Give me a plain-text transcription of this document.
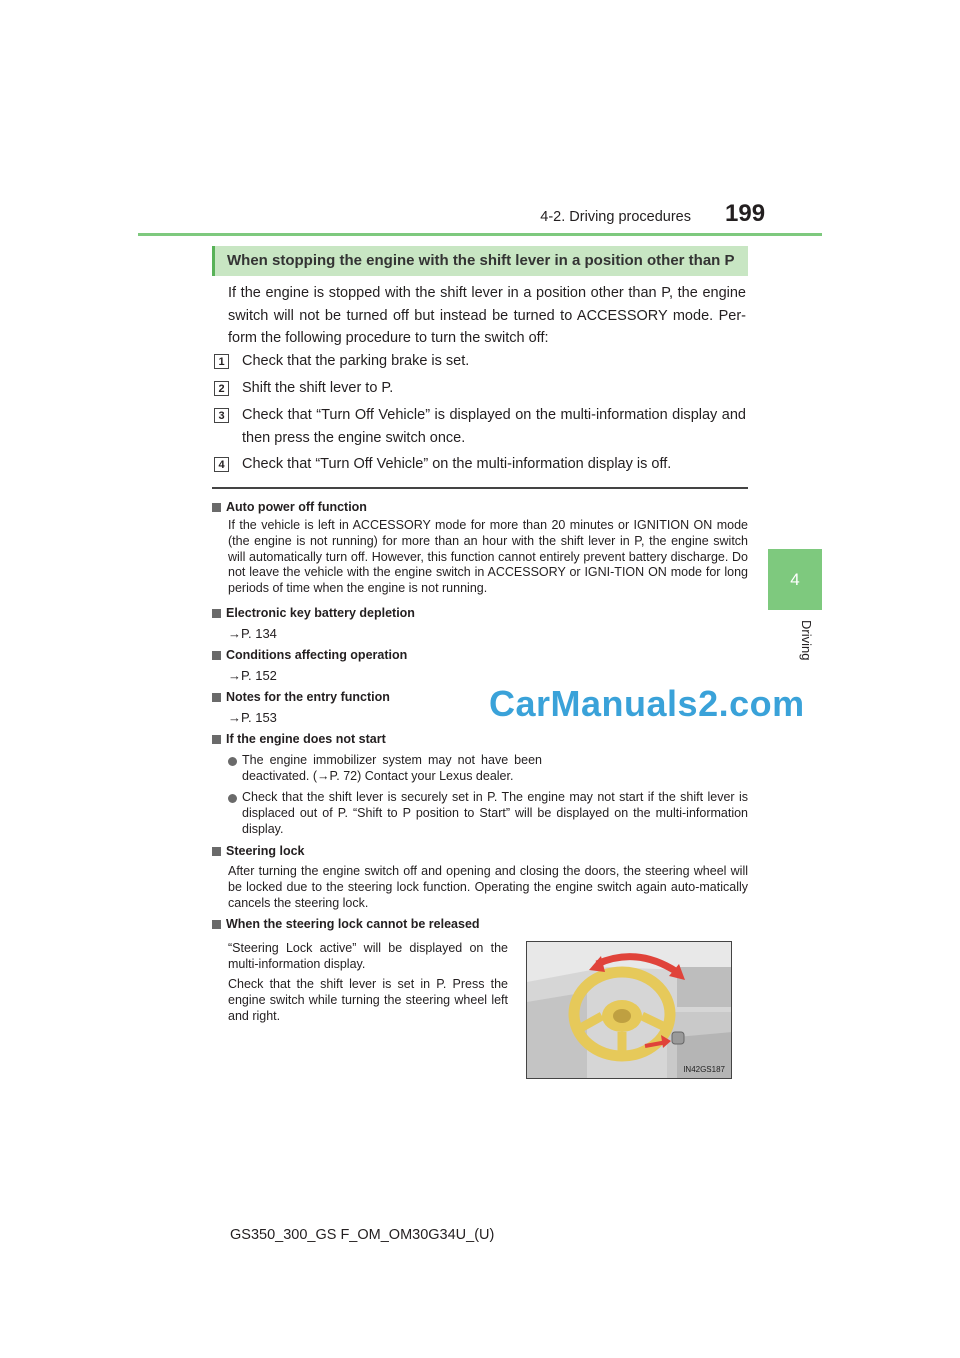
4-2. Driving procedures 199
4
Driving
When stopping the engine with the shift lever in a position other than P
If the engine is stopped with the shift lever in a position other than P, the engine switch will not be turned off but instead be turned to ACCESSORY mode. Per-form the following procedure to turn the switch off:
1	Check that the parking brake is set.
2	Shift the shift lever to P.
3	Check that “Turn Off Vehicle” is displayed on the multi-information display and then press the engine switch once.
4	Check that “Turn Off Vehicle” on the multi-information display is off.
Auto power off function
If the vehicle is left in ACCESSORY mode for more than 20 minutes or IGNITION ON mode (the engine is not running) for more than an hour with the shift lever in P, the engine switch will automatically turn off. However, this function cannot entirely prevent battery discharge. Do not leave the vehicle with the engine switch in ACCESSORY or IGNI-TION ON mode for long periods of time when the engine is not running.
Electronic key battery depletion
→P. 134
Conditions affecting operation
→P. 152
Notes for the entry function
→P. 153	CarManuals2.com
If the engine does not start
The engine immobilizer system may not have been deactivated. (→P. 72) Contact your Lexus dealer.
Check that the shift lever is securely set in P. The engine may not start if the shift lever is displaced out of P. “Shift to P position to Start” will be displayed on the multi-information display.
Steering lock
After turning the engine switch off and opening and closing the doors, the steering wheel will be locked due to the steering lock function. Operating the engine switch again auto-matically cancels the steering lock.
When the steering lock cannot be released
“Steering Lock active” will be displayed on the multi-information display.
Check that the shift lever is set in P. Press the engine switch while turning the steering wheel left and right.
IN42GS187
GS350_300_GS F_OM_OM30G34U_(U)
